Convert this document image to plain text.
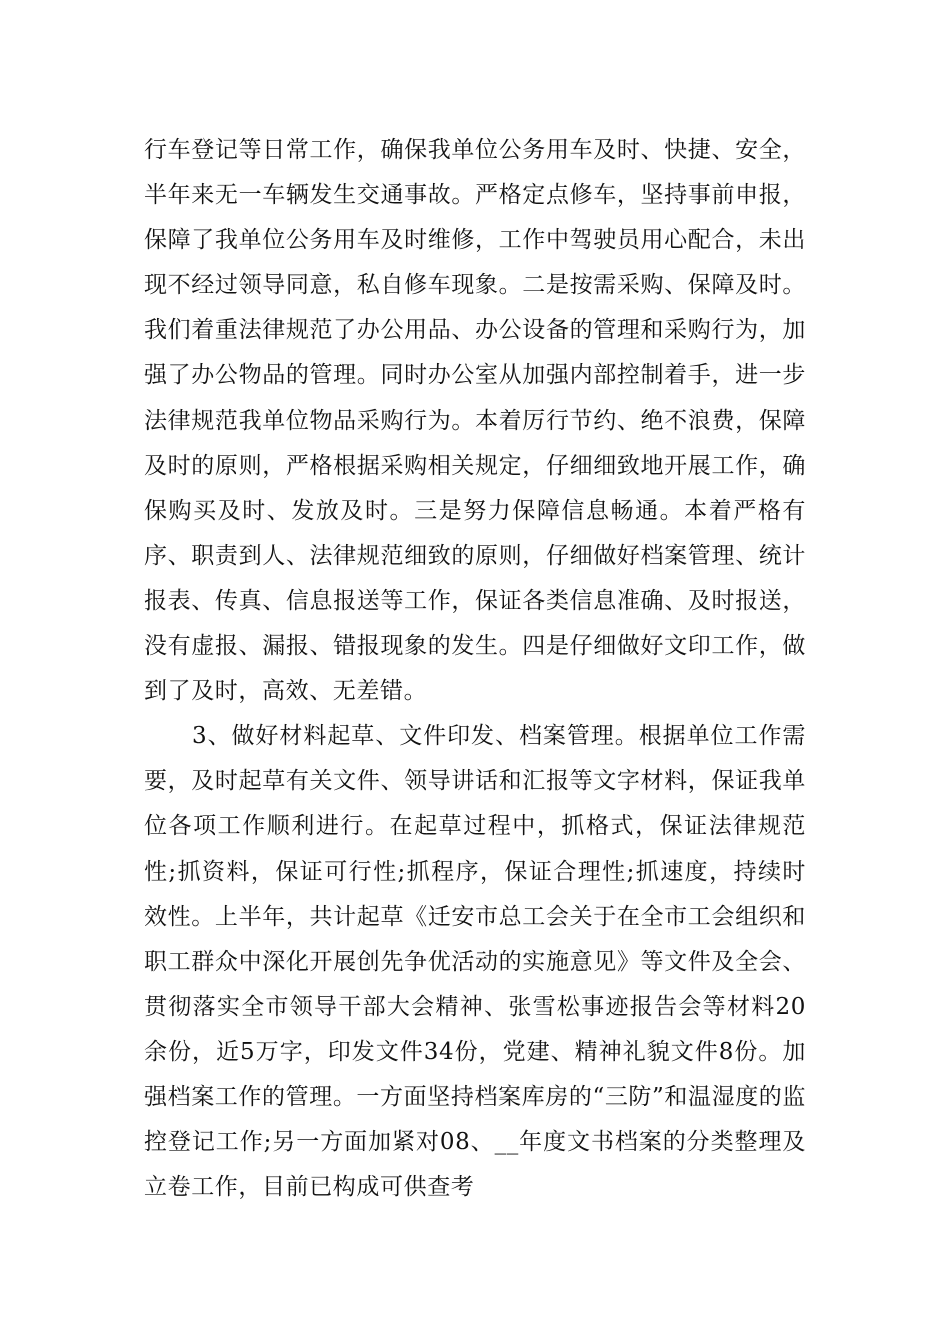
行车登记等日常工作，确保我单位公务用车及时、快捷、安全，半年来无一车辆发生交通事故。严格定点修车，坚持事前申报，保障了我单位公务用车及时维修，工作中驾驶员用心配合，未出现不经过领导同意，私自修车现象。二是按需采购、保障及时。我们着重法律规范了办公用品、办公设备的管理和采购行为，加强了办公物品的管理。同时办公室从加强内部控制着手，进一步法律规范我单位物品采购行为。本着厉行节约、绝不浪费，保障及时的原则，严格根据采购相关规定，仔细细致地开展工作，确保购买及时、发放及时。三是努力保障信息畅通。本着严格有序、职责到人、法律规范细致的原则，仔细做好档案管理、统计报表、传真、信息报送等工作，保证各类信息准确、及时报送，没有虚报、漏报、错报现象的发生。四是仔细做好文印工作，做到了及时，高效、无差错。

3、做好材料起草、文件印发、档案管理。根据单位工作需要，及时起草有关文件、领导讲话和汇报等文字材料，保证我单位各项工作顺利进行。在起草过程中，抓格式，保证法律规范性;抓资料，保证可行性;抓程序，保证合理性;抓速度，持续时效性。上半年，共计起草《迁安市总工会关于在全市工会组织和职工群众中深化开展创先争优活动的实施意见》等文件及全会、贯彻落实全市领导干部大会精神、张雪松事迹报告会等材料20余份，近5万字，印发文件34份，党建、精神礼貌文件8份。加强档案工作的管理。一方面坚持档案库房的“三防”和温湿度的监控登记工作;另一方面加紧对08、__年度文书档案的分类整理及立卷工作，目前已构成可供查考
